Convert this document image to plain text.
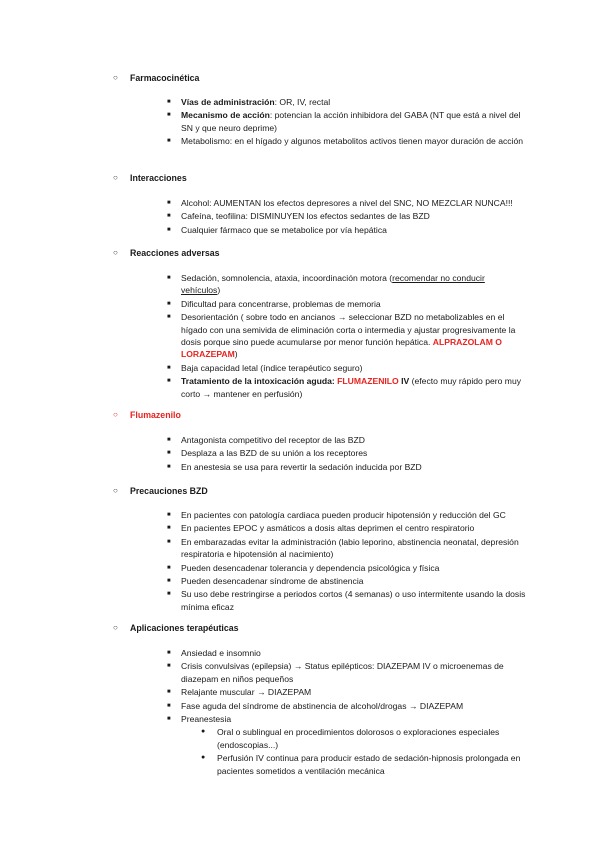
○ Farmacocinética
■ Vías de administración: OR, IV, rectal
■ Mecanismo de acción: potencian la acción inhibidora del GABA (NT que está a nivel del SN y que neuro deprime)
■ Metabolismo: en el hígado y algunos metabolitos activos tienen mayor duración de acción
○ Interacciones
■ Alcohol: AUMENTAN los efectos depresores a nivel del SNC, NO MEZCLAR NUNCA!!!
■ Cafeína, teofilina: DISMINUYEN los efectos sedantes de las BZD
■ Cualquier fármaco que se metabolice por vía hepática
○ Reacciones adversas
■ Sedación, somnolencia, ataxia, incoordinación motora (recomendar no conducir vehículos)
■ Dificultad para concentrarse, problemas de memoria
■ Desorientación ( sobre todo en ancianos → seleccionar BZD no metabolizables en el hígado con una semivida de eliminación corta o intermedia y ajustar progresivamente la dosis porque sino puede acumularse por menor función hepática. ALPRAZOLAM O LORAZEPAM)
■ Baja capacidad letal (índice terapéutico seguro)
■ Tratamiento de la intoxicación aguda: FLUMAZENILO IV (efecto muy rápido pero muy corto → mantener en perfusión)
○ Flumazenilo
■ Antagonista competitivo del receptor de las BZD
■ Desplaza a las BZD de su unión a los receptores
■ En anestesia se usa para revertir la sedación inducida por BZD
○ Precauciones BZD
■ En pacientes con patología cardiaca pueden producir hipotensión y reducción del GC
■ En pacientes EPOC y asmáticos a dosis altas deprimen el centro respiratorio
■ En embarazadas evitar la administración (labio leporino, abstinencia neonatal, depresión respiratoria e hipotensión al nacimiento)
■ Pueden desencadenar tolerancia y dependencia psicológica y física
■ Pueden desencadenar síndrome de abstinencia
■ Su uso debe restringirse a periodos cortos (4 semanas) o uso intermitente usando la dosis mínima eficaz
○ Aplicaciones terapéuticas
■ Ansiedad e insomnio
■ Crisis convulsivas (epilepsia) → Status epilépticos: DIAZEPAM IV o microenemas de diazepam en niños pequeños
■ Relajante muscular → DIAZEPAM
■ Fase aguda del síndrome de abstinencia de alcohol/drogas → DIAZEPAM
■ Preanestesia
● Oral o sublingual en procedimientos dolorosos o exploraciones especiales (endoscopias...)
● Perfusión IV continua para producir estado de sedación-hipnosis prolongada en pacientes sometidos a ventilación mecánica
